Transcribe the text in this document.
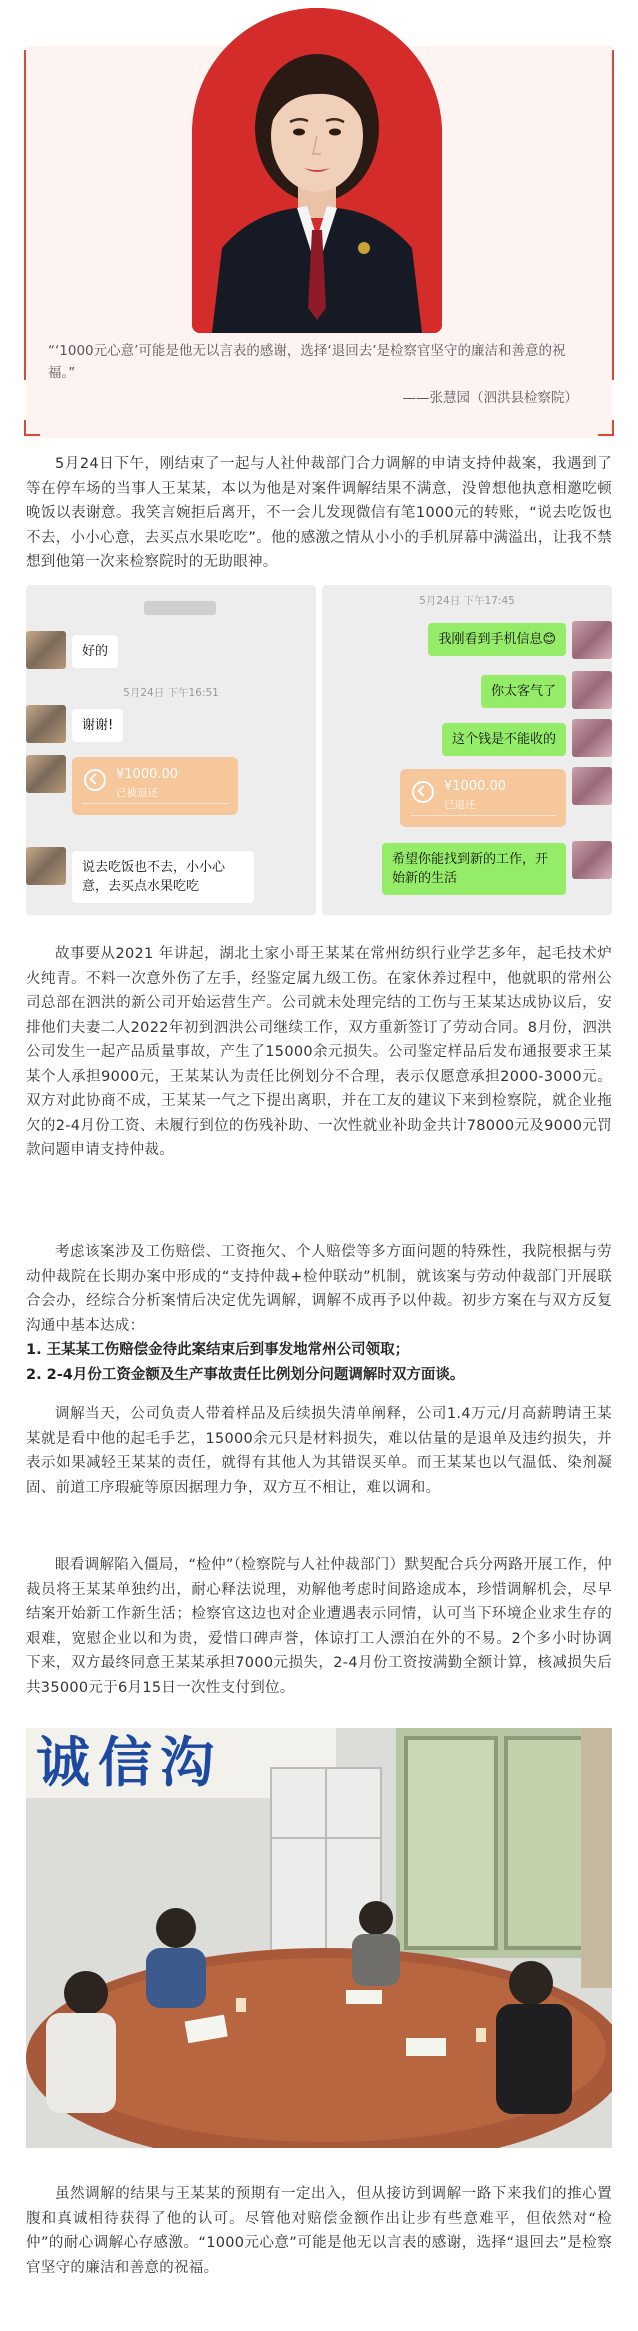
“‘1000元心意’可能是他无以言表的感谢，选择‘退回去’是检察官坚守的廉洁和善意的祝福。”
——张慧园（泗洪县检察院）

5月24日下午，刚结束了一起与人社仲裁部门合力调解的申请支持仲裁案，我遇到了等在停车场的当事人王某某，本以为他是对案件调解结果不满意，没曾想他执意相邀吃顿晚饭以表谢意。我笑言婉拒后离开，不一会儿发现微信有笔1000元的转账，“说去吃饭也不去，小小心意，去买点水果吃吃”。他的感激之情从小小的手机屏幕中满溢出，让我不禁想到他第一次来检察院时的无助眼神。

好的
5月24日 下午16:51
谢谢!
¥1000.00
已被退还
说去吃饭也不去，小小心意，去买点水果吃吃
5月24日 下午17:45
我刚看到手机信息😊
你太客气了
这个钱是不能收的
¥1000.00
已退还
希望你能找到新的工作，开始新的生活

故事要从2021 年讲起，湖北土家小哥王某某在常州纺织行业学艺多年，起毛技术炉火纯青。不料一次意外伤了左手，经鉴定属九级工伤。在家休养过程中，他就职的常州公司总部在泗洪的新公司开始运营生产。公司就未处理完结的工伤与王某某达成协议后，安排他们夫妻二人2022年初到泗洪公司继续工作，双方重新签订了劳动合同。8月份，泗洪公司发生一起产品质量事故，产生了15000余元损失。公司鉴定样品后发布通报要求王某某个人承担9000元，王某某认为责任比例划分不合理，表示仅愿意承担2000-3000元。双方对此协商不成，王某某一气之下提出离职，并在工友的建议下来到检察院，就企业拖欠的2-4月份工资、未履行到位的伤残补助、一次性就业补助金共计78000元及9000元罚款问题申请支持仲裁。

考虑该案涉及工伤赔偿、工资拖欠、个人赔偿等多方面问题的特殊性，我院根据与劳动仲裁院在长期办案中形成的“支持仲裁+检仲联动”机制，就该案与劳动仲裁部门开展联合会办，经综合分析案情后决定优先调解，调解不成再予以仲裁。初步方案在与双方反复沟通中基本达成：

1. 王某某工伤赔偿金待此案结束后到事发地常州公司领取；
2. 2-4月份工资金额及生产事故责任比例划分问题调解时双方面谈。

调解当天，公司负责人带着样品及后续损失清单阐释，公司1.4万元/月高薪聘请王某某就是看中他的起毛手艺，15000余元只是材料损失，难以估量的是退单及违约损失，并表示如果减轻王某某的责任，就得有其他人为其错误买单。而王某某也以气温低、染剂凝固、前道工序瑕疵等原因据理力争，双方互不相让，难以调和。

眼看调解陷入僵局，“检仲”（检察院与人社仲裁部门）默契配合兵分两路开展工作，仲裁员将王某某单独约出，耐心释法说理，劝解他考虑时间路途成本，珍惜调解机会，尽早结案开始新工作新生活；检察官这边也对企业遭遇表示同情，认可当下环境企业求生存的艰难，宽慰企业以和为贵，爱惜口碑声誉，体谅打工人漂泊在外的不易。2个多小时协调下来，双方最终同意王某某承担7000元损失，2-4月份工资按满勤全额计算，核减损失后共35000元于6月15日一次性支付到位。

诚信沟

虽然调解的结果与王某某的预期有一定出入，但从接访到调解一路下来我们的推心置腹和真诚相待获得了他的认可。尽管他对赔偿金额作出让步有些意难平，但依然对“检仲”的耐心调解心存感激。“1000元心意”可能是他无以言表的感谢，选择“退回去”是检察官坚守的廉洁和善意的祝福。
